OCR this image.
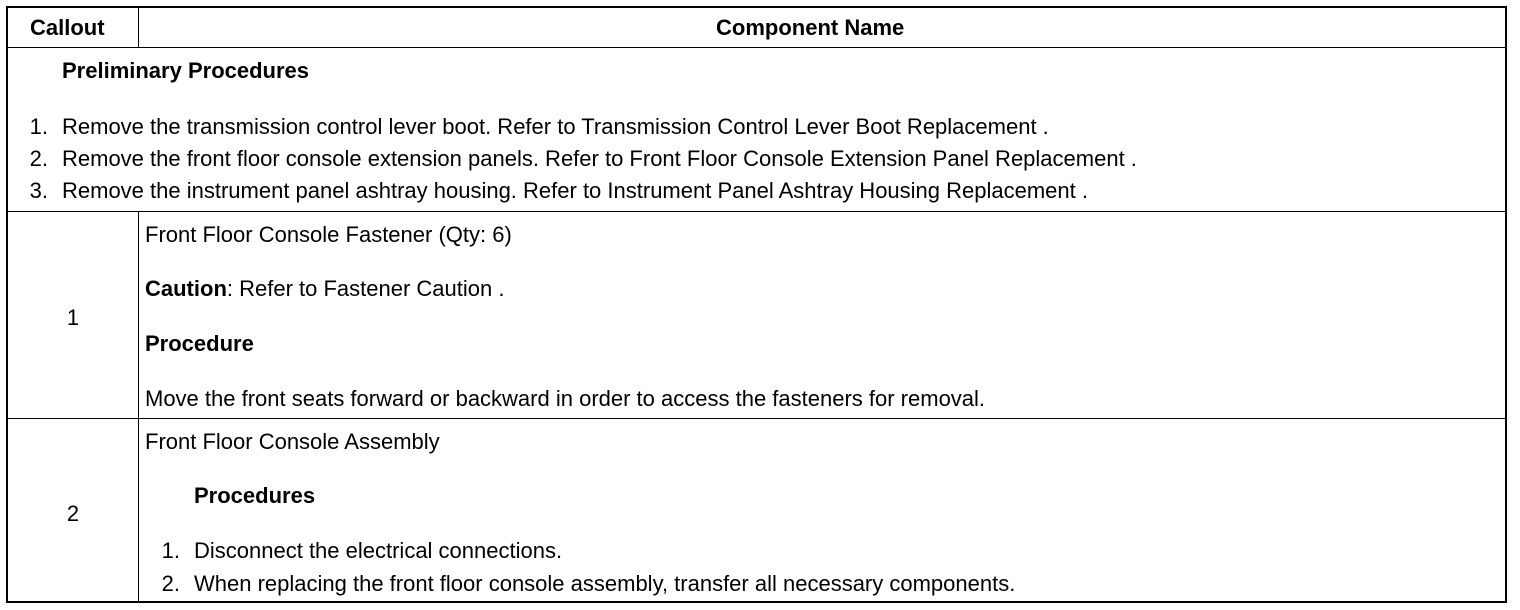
Callout	Component Name
Preliminary Procedures
1. Remove the transmission control lever boot. Refer to Transmission Control Lever Boot Replacement .
2. Remove the front floor console extension panels. Refer to Front Floor Console Extension Panel Replacement .
3. Remove the instrument panel ashtray housing. Refer to Instrument Panel Ashtray Housing Replacement .
1
Front Floor Console Fastener (Qty: 6)
Caution: Refer to Fastener Caution .
Procedure
Move the front seats forward or backward in order to access the fasteners for removal.
2
Front Floor Console Assembly
Procedures
1. Disconnect the electrical connections.
2. When replacing the front floor console assembly, transfer all necessary components.
